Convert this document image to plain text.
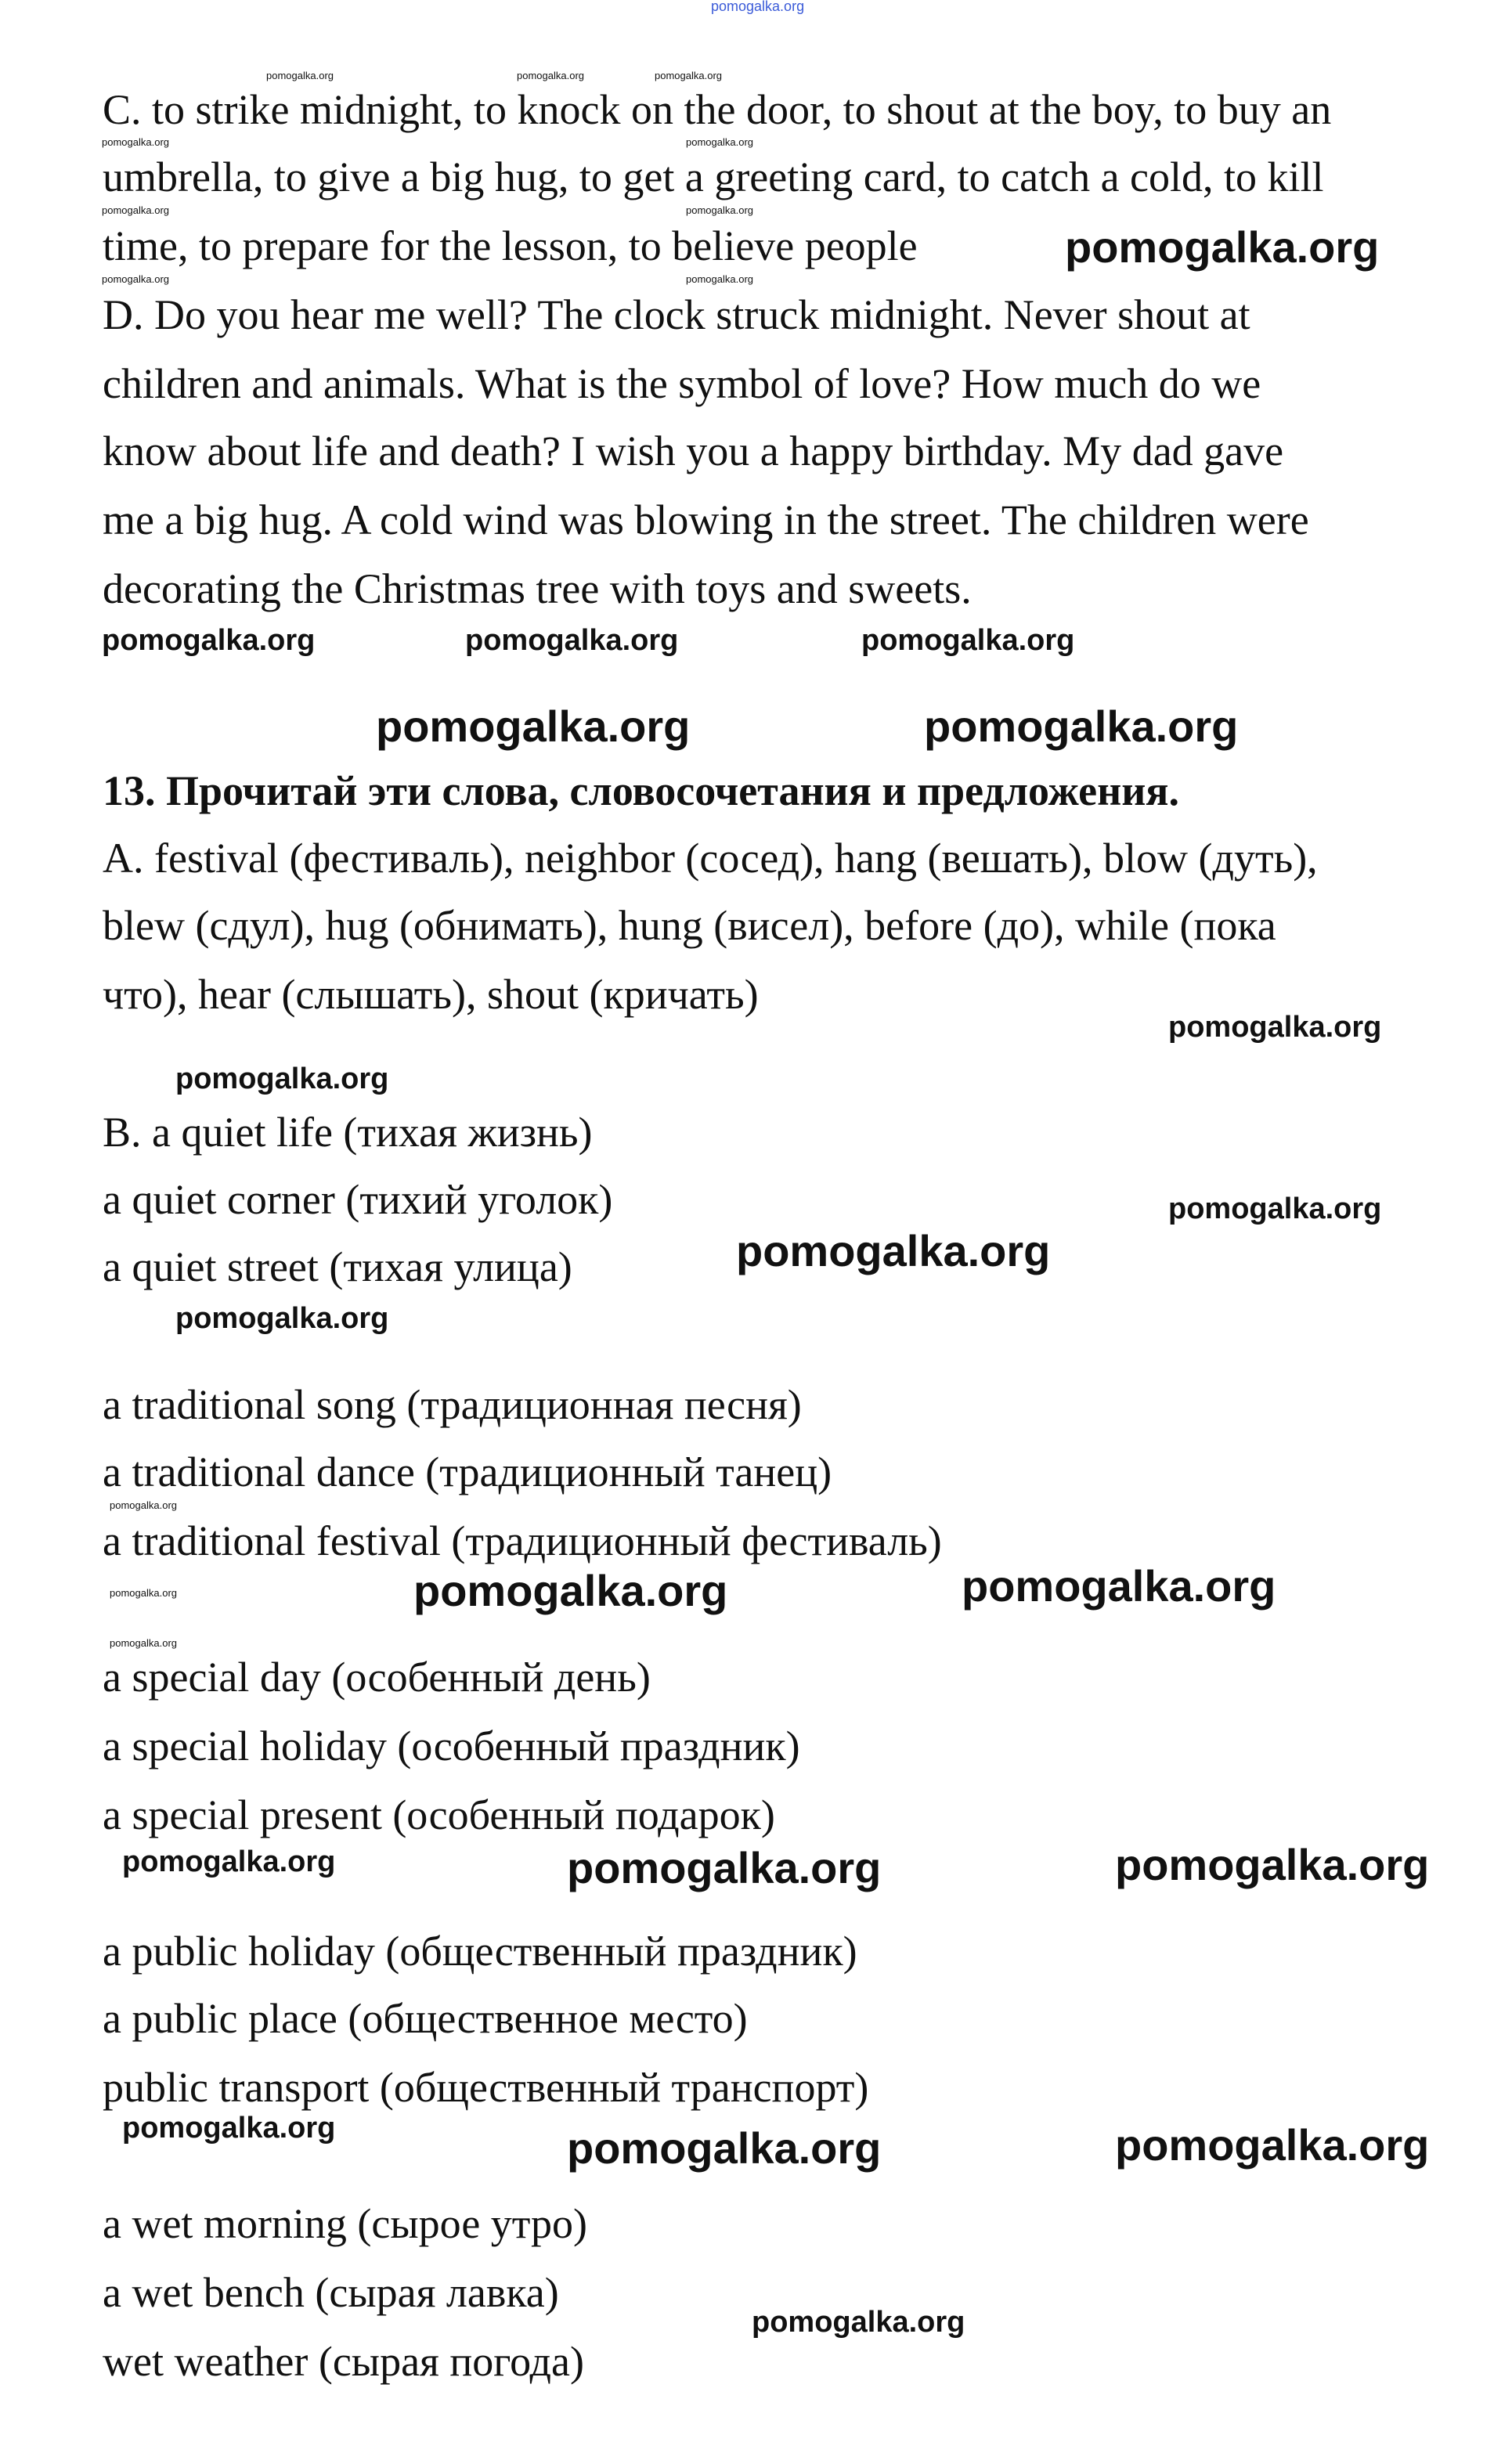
C. to strike midnight, to knock on the door, to shout at the boy, to buy an
umbrella, to give a big hug, to get a greeting card, to catch a cold, to kill
time, to prepare for the lesson, to believe people
D. Do you hear me well? The clock struck midnight. Never shout at
children and animals. What is the symbol of love? How much do we
know about life and death? I wish you a happy birthday. My dad gave
me a big hug. A cold wind was blowing in the street. The children were
decorating the Christmas tree with toys and sweets.
13. Прочитай эти слова, словосочетания и предложения.
A. festival (фестиваль), neighbor (сосед), hang (вешать), blow (дуть),
blew (сдул), hug (обнимать), hung (висел), before (до), while (пока
что), hear (слышать), shout (кричать)
B. a quiet life (тихая жизнь)
a quiet corner (тихий уголок)
a quiet street (тихая улица)
a traditional song (традиционная песня)
a traditional dance (традиционный танец)
a traditional festival (традиционный фестиваль)
a special day (особенный день)
a special holiday (особенный праздник)
a special present (особенный подарок)
a public holiday (общественный праздник)
a public place (общественное место)
public transport (общественный транспорт)
a wet morning (сырое утро)
a wet bench (сырая лавка)
wet weather (сырая погода)
pomogalka.org
pomogalka.org	pomogalka.org	pomogalka.org
pomogalka.org	pomogalka.org
pomogalka.org	pomogalka.org
pomogalka.org	pomogalka.org
pomogalka.org
pomogalka.org	pomogalka.org	pomogalka.org
pomogalka.org	pomogalka.org
pomogalka.org
pomogalka.org
pomogalka.org
pomogalka.org
pomogalka.org
pomogalka.org
pomogalka.org
pomogalka.org
pomogalka.org	pomogalka.org
pomogalka.org	pomogalka.org	pomogalka.org
pomogalka.org	pomogalka.org	pomogalka.org
pomogalka.org
